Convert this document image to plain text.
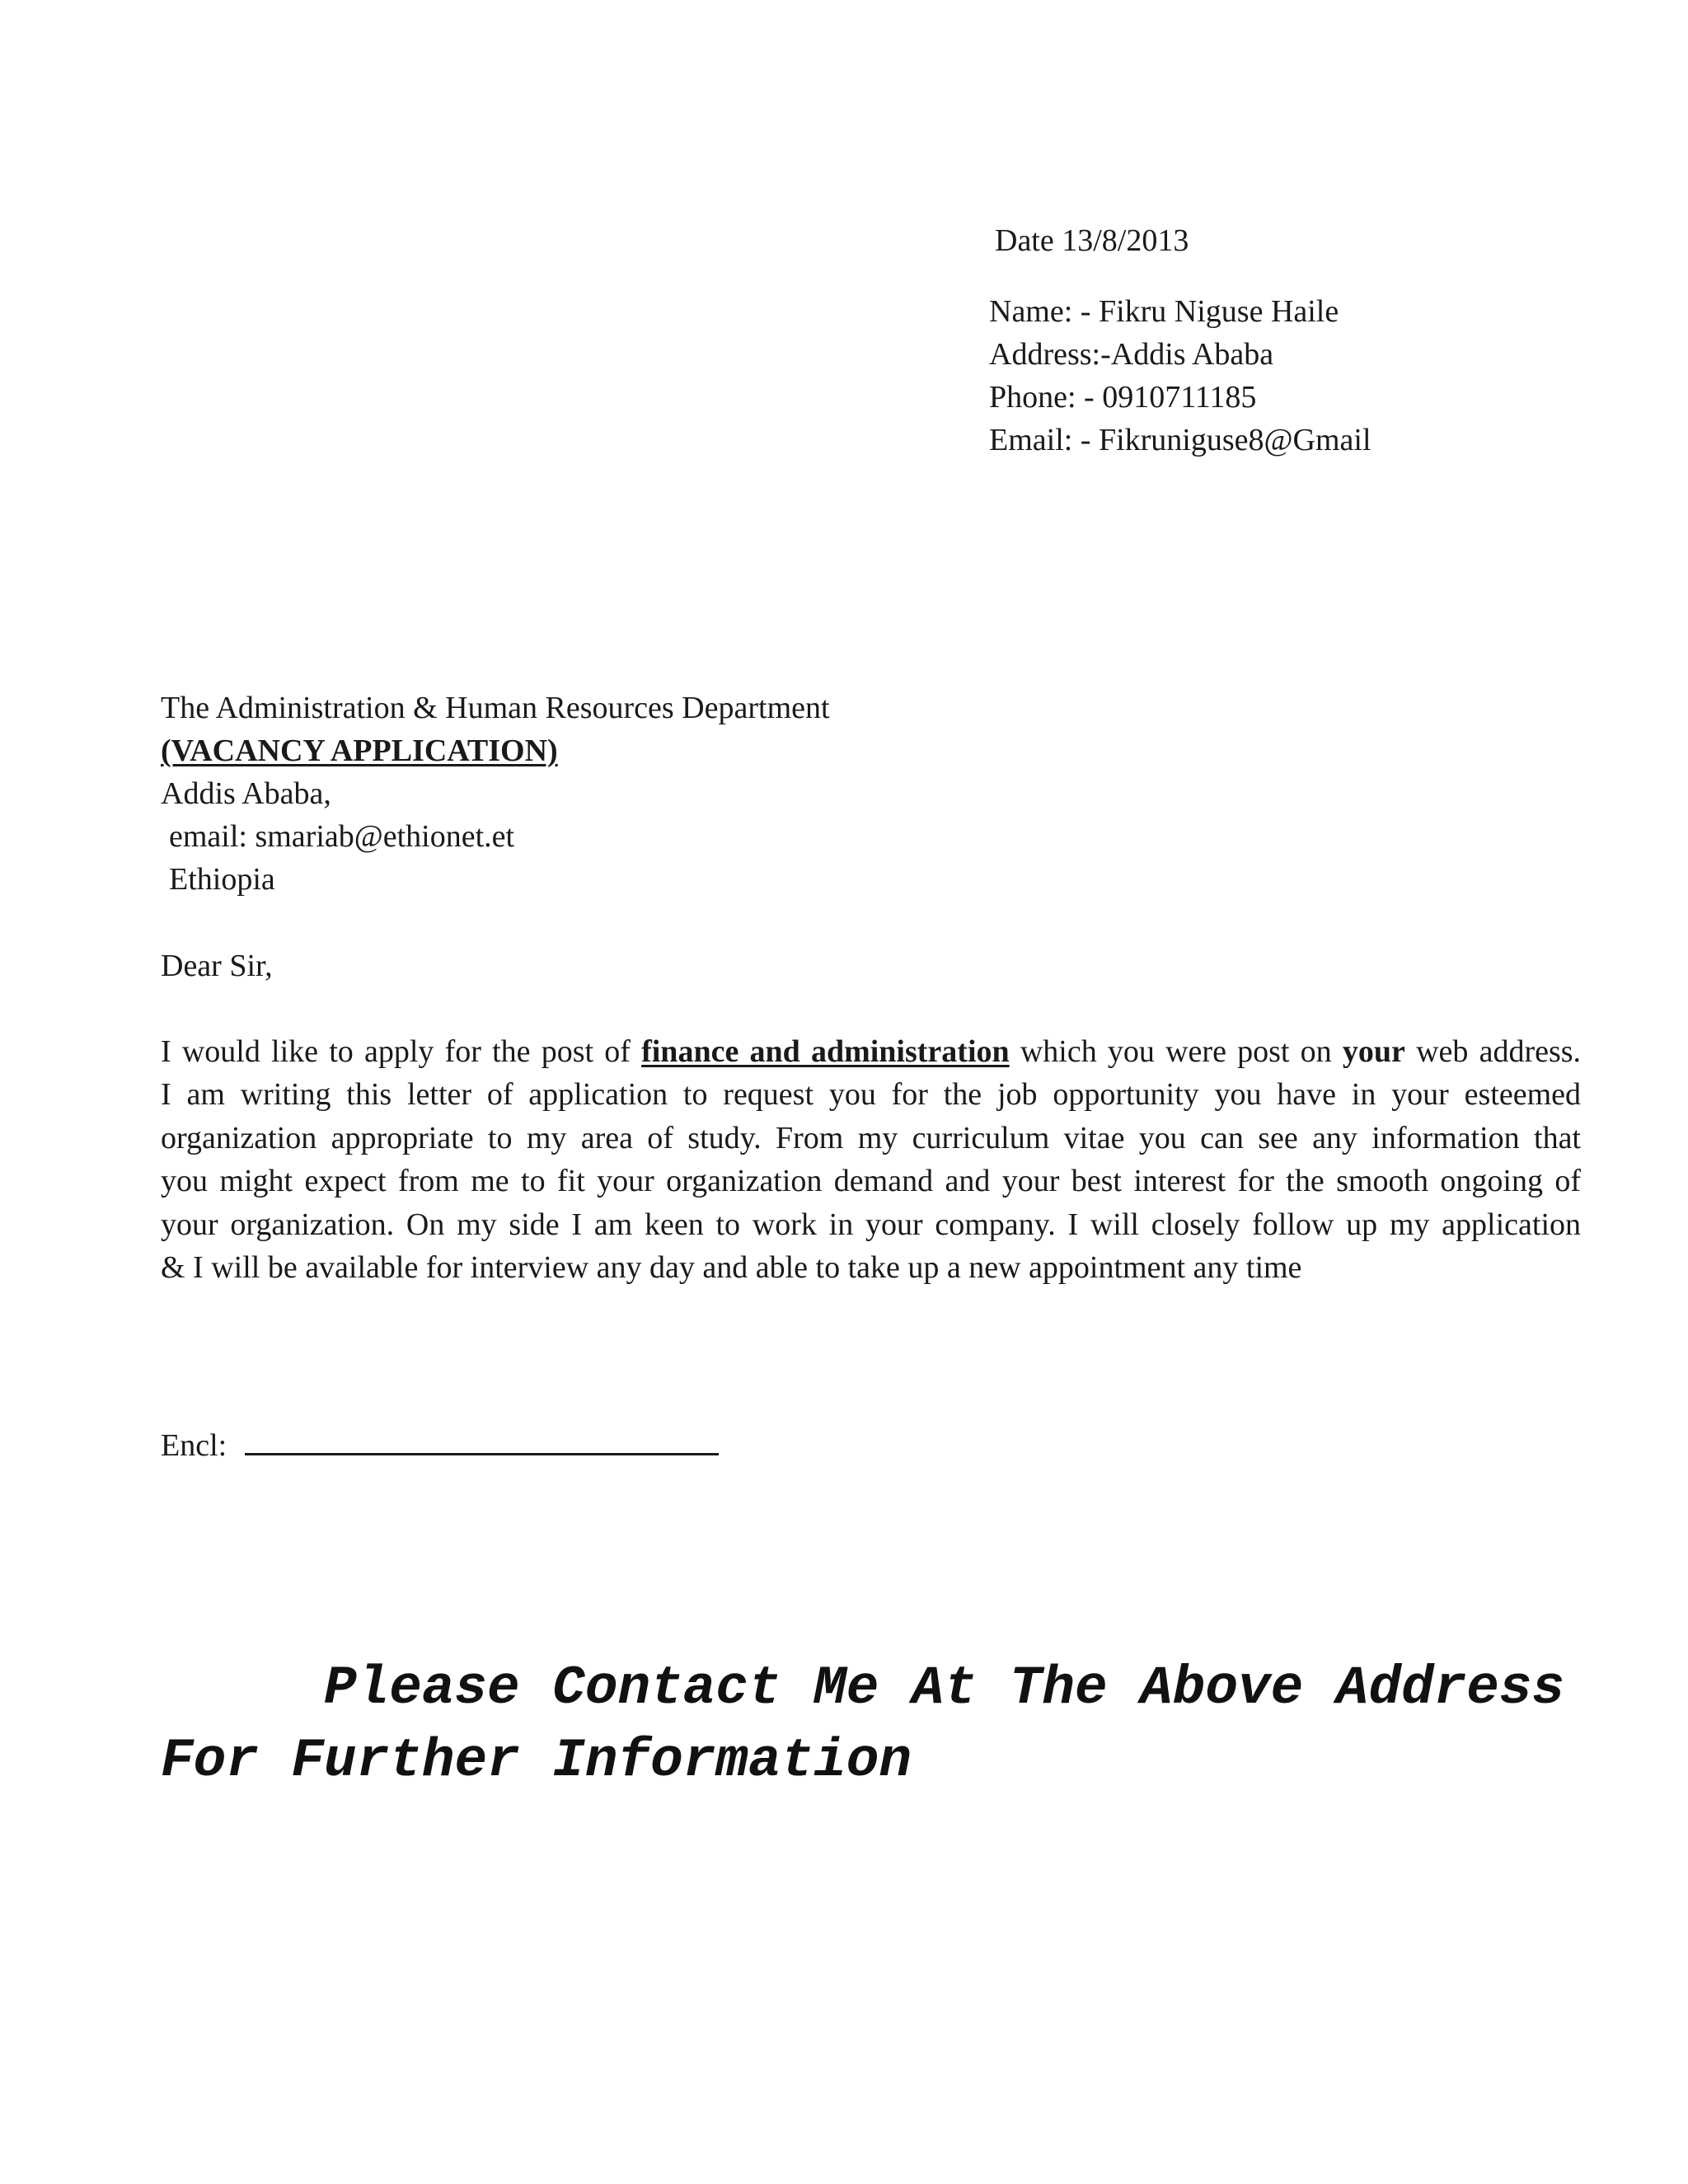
Date 13/8/2013
Name: - Fikru Niguse Haile
Address:-Addis Ababa
Phone: - 0910711185
Email: - Fikruniguse8@Gmail
The Administration & Human Resources Department
(VACANCY APPLICATION)
Addis Ababa,
email: smariab@ethionet.et
Ethiopia
Dear Sir,
I would like to apply for the post of finance and administration which you were post on your web address.
I am writing this letter of application to request you for the job opportunity you have in your esteemed
organization appropriate to my area of study. From my curriculum vitae you can see any information that
you might expect from me to fit your organization demand and your best interest for the smooth ongoing of
your organization. On my side I am keen to work in your company. I will closely follow up my application
& I will be available for interview any day and able to take up a new appointment any time
Encl:
Please Contact Me At The Above Address
For Further Information
